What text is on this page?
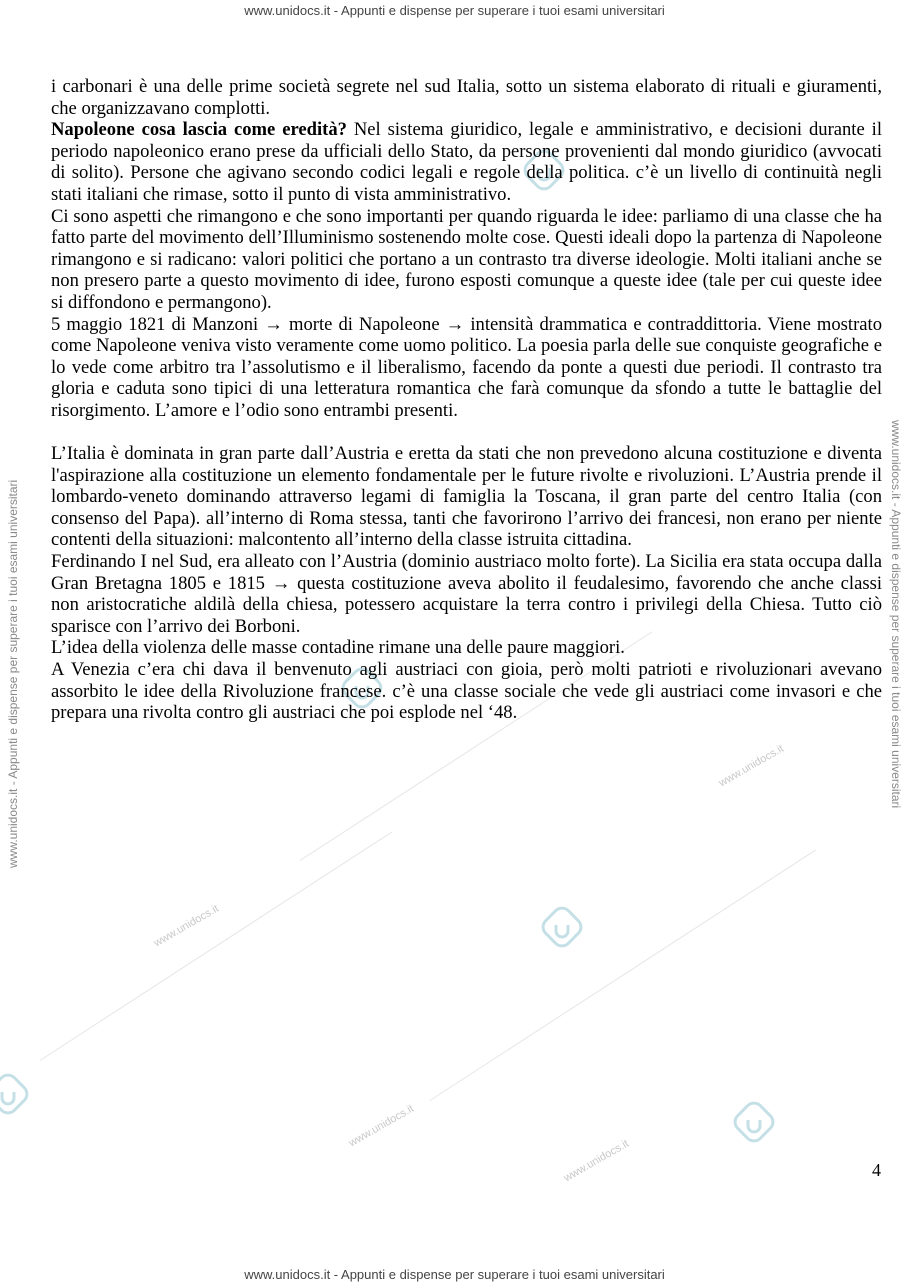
www.unidocs.it - Appunti e dispense per superare i tuoi esami universitari
www.unidocs.it - Appunti e dispense per superare i tuoi esami universitari	www.unidocs.it - Appunti e dispense per superare i tuoi esami universitari
www.unidocs.it
www.unidocs.it
www.unidocs.it
www.unidocs.it

i carbonari è una delle prime società segrete nel sud Italia, sotto un sistema elaborato di rituali e giuramenti, che organizzavano complotti.

Napoleone cosa lascia come eredità? Nel sistema giuridico, legale e amministrativo, e decisioni durante il periodo napoleonico erano prese da ufficiali dello Stato, da persone provenienti dal mondo giuridico (avvocati di solito). Persone che agivano secondo codici legali e regole della politica. c’è un livello di continuità negli stati italiani che rimase, sotto il punto di vista amministrativo.

Ci sono aspetti che rimangono e che sono importanti per quando riguarda le idee: parliamo di una classe che ha fatto parte del movimento dell’Illuminismo sostenendo molte cose. Questi ideali dopo la partenza di Napoleone rimangono e si radicano: valori politici che portano a un contrasto tra diverse ideologie. Molti italiani anche se non presero parte a questo movimento di idee, furono esposti comunque a queste idee (tale per cui queste idee si diffondono e permangono).

5 maggio 1821 di Manzoni → morte di Napoleone → intensità drammatica e contraddittoria. Viene mostrato come Napoleone veniva visto veramente come uomo politico. La poesia parla delle sue conquiste geografiche e lo vede come arbitro tra l’assolutismo e il liberalismo, facendo da ponte a questi due periodi. Il contrasto tra gloria e caduta sono tipici di una letteratura romantica che farà comunque da sfondo a tutte le battaglie del risorgimento. L’amore e l’odio sono entrambi presenti.

L’Italia è dominata in gran parte dall’Austria e eretta da stati che non prevedono alcuna costituzione e diventa l'aspirazione alla costituzione un elemento fondamentale per le future rivolte e rivoluzioni. L’Austria prende il lombardo-veneto dominando attraverso legami di famiglia la Toscana, il gran parte del centro Italia (con consenso del Papa). all’interno di Roma stessa, tanti che favorirono l’arrivo dei francesi, non erano per niente contenti della situazioni: malcontento all’interno della classe istruita cittadina.

Ferdinando I nel Sud, era alleato con l’Austria (dominio austriaco molto forte). La Sicilia era stata occupa dalla Gran Bretagna 1805 e 1815 → questa costituzione aveva abolito il feudalesimo, favorendo che anche classi non aristocratiche aldilà della chiesa, potessero acquistare la terra contro i privilegi della Chiesa. Tutto ciò sparisce con l’arrivo dei Borboni.

L’idea della violenza delle masse contadine rimane una delle paure maggiori.

A Venezia c’era chi dava il benvenuto agli austriaci con gioia, però molti patrioti e rivoluzionari avevano assorbito le idee della Rivoluzione francese. c’è una classe sociale che vede gli austriaci come invasori e che prepara una rivolta contro gli austriaci che poi esplode nel ‘48.

4
www.unidocs.it - Appunti e dispense per superare i tuoi esami universitari
